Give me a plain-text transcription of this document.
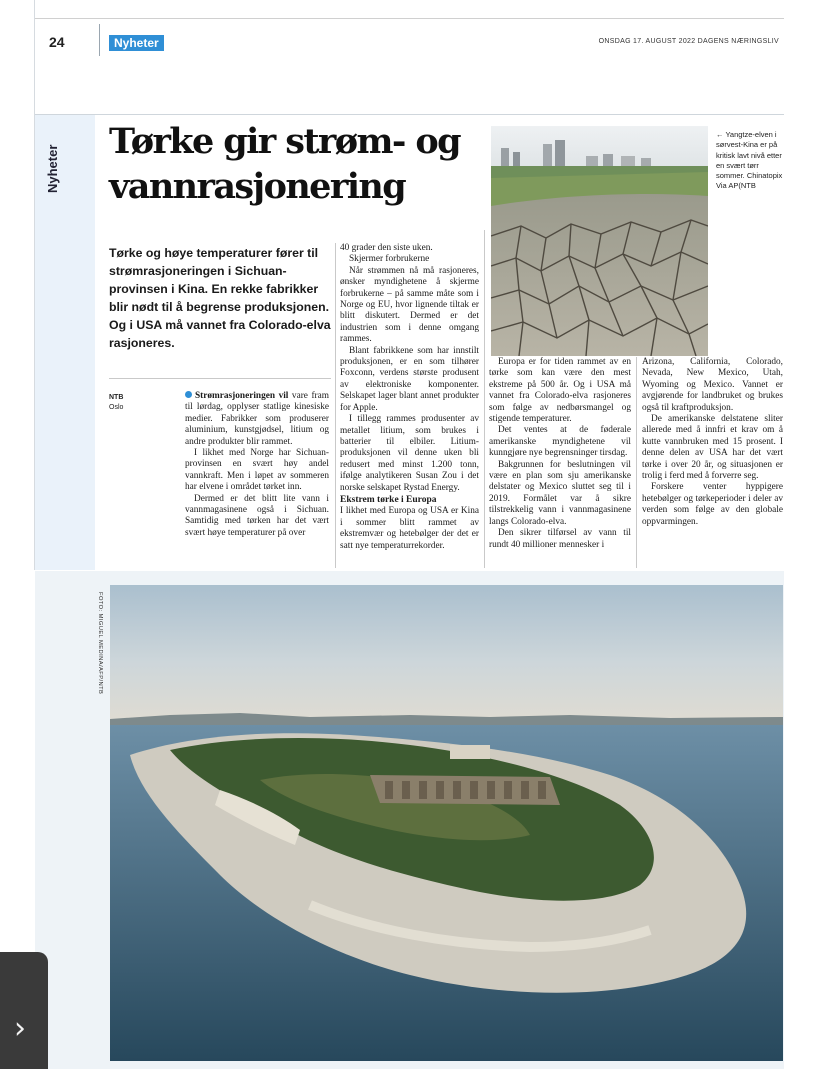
24	Nyheter	ONSDAG 17. AUGUST 2022 DAGENS NÆRINGSLIV
Nyheter
Tørke gir strøm- og vannrasjonering

Tørke og høye temperaturer fører til strømrasjoneringen i Sichuan-provinsen i Kina. En rekke fabrikker blir nødt til å begrense produksjonen. Og i USA må vannet fra Colorado-elva rasjoneres.

NTB
Oslo

Strømrasjoneringen vil vare fram til lørdag, opplyser statlige kinesiske medier. Fabrikker som produserer aluminium, kunstgjødsel, litium og andre produkter blir rammet.

I likhet med Norge har Sichuan-provinsen en svært høy andel vannkraft. Men i løpet av sommeren har elvene i området tørket inn.

Dermed er det blitt lite vann i vannmagasinene også i Sichuan. Samtidig med tørken har det vært svært høye temperaturer på over

40 grader den siste uken.

Skjermer forbrukerne

Når strømmen nå må rasjoneres, ønsker myndighetene å skjerme forbrukerne – på samme måte som i Norge og EU, hvor lignende tiltak er blitt diskutert. Dermed er det industrien som i denne omgang rammes.

Blant fabrikkene som har innstilt produksjonen, er en som tilhører Foxconn, verdens største produsent av elektroniske komponenter. Selskapet lager blant annet produkter for Apple.

I tillegg rammes produsenter av metallet litium, som brukes i batterier til elbiler. Litium-produksjonen vil denne uken bli redusert med minst 1.200 tonn, ifølge analytikeren Susan Zou i det norske selskapet Rystad Energy.

Ekstrem tørke i Europa

I likhet med Europa og USA er Kina i sommer blitt rammet av ekstremvær og hetebølger der det er satt nye temperaturrekorder.

Europa er for tiden rammet av en tørke som kan være den mest ekstreme på 500 år. Og i USA må vannet fra Colorado-elva rasjoneres som følge av nedbørsmangel og stigende temperaturer.

Det ventes at de føderale amerikanske myndighetene vil kunngjøre nye begrensninger tirsdag.

Bakgrunnen for beslutningen vil være en plan som sju amerikanske delstater og Mexico sluttet seg til i 2019. Formålet var å sikre tilstrekkelig vann i vannmagasinene langs Colorado-elva.

Den sikrer tilførsel av vann til rundt 40 millioner mennesker i

Arizona, California, Colorado, Nevada, New Mexico, Utah, Wyoming og Mexico. Vannet er avgjørende for landbruket og brukes også til kraftproduksjon.

De amerikanske delstatene sliter allerede med å innfri et krav om å kutte vannbruken med 15 prosent. I denne delen av USA har det vært tørke i over 20 år, og situasjonen er trolig i ferd med å forverre seg.

Forskere venter hyppigere hetebølger og tørkeperioder i deler av verden som følge av den globale oppvarmingen.

← Yangtze-elven i sørvest-Kina er på kritisk lavt nivå etter en svært tørr sommer. Chinatopix Via AP(NTB
FOTO: MIGUEL MEDINA/AFP/NTB
›
